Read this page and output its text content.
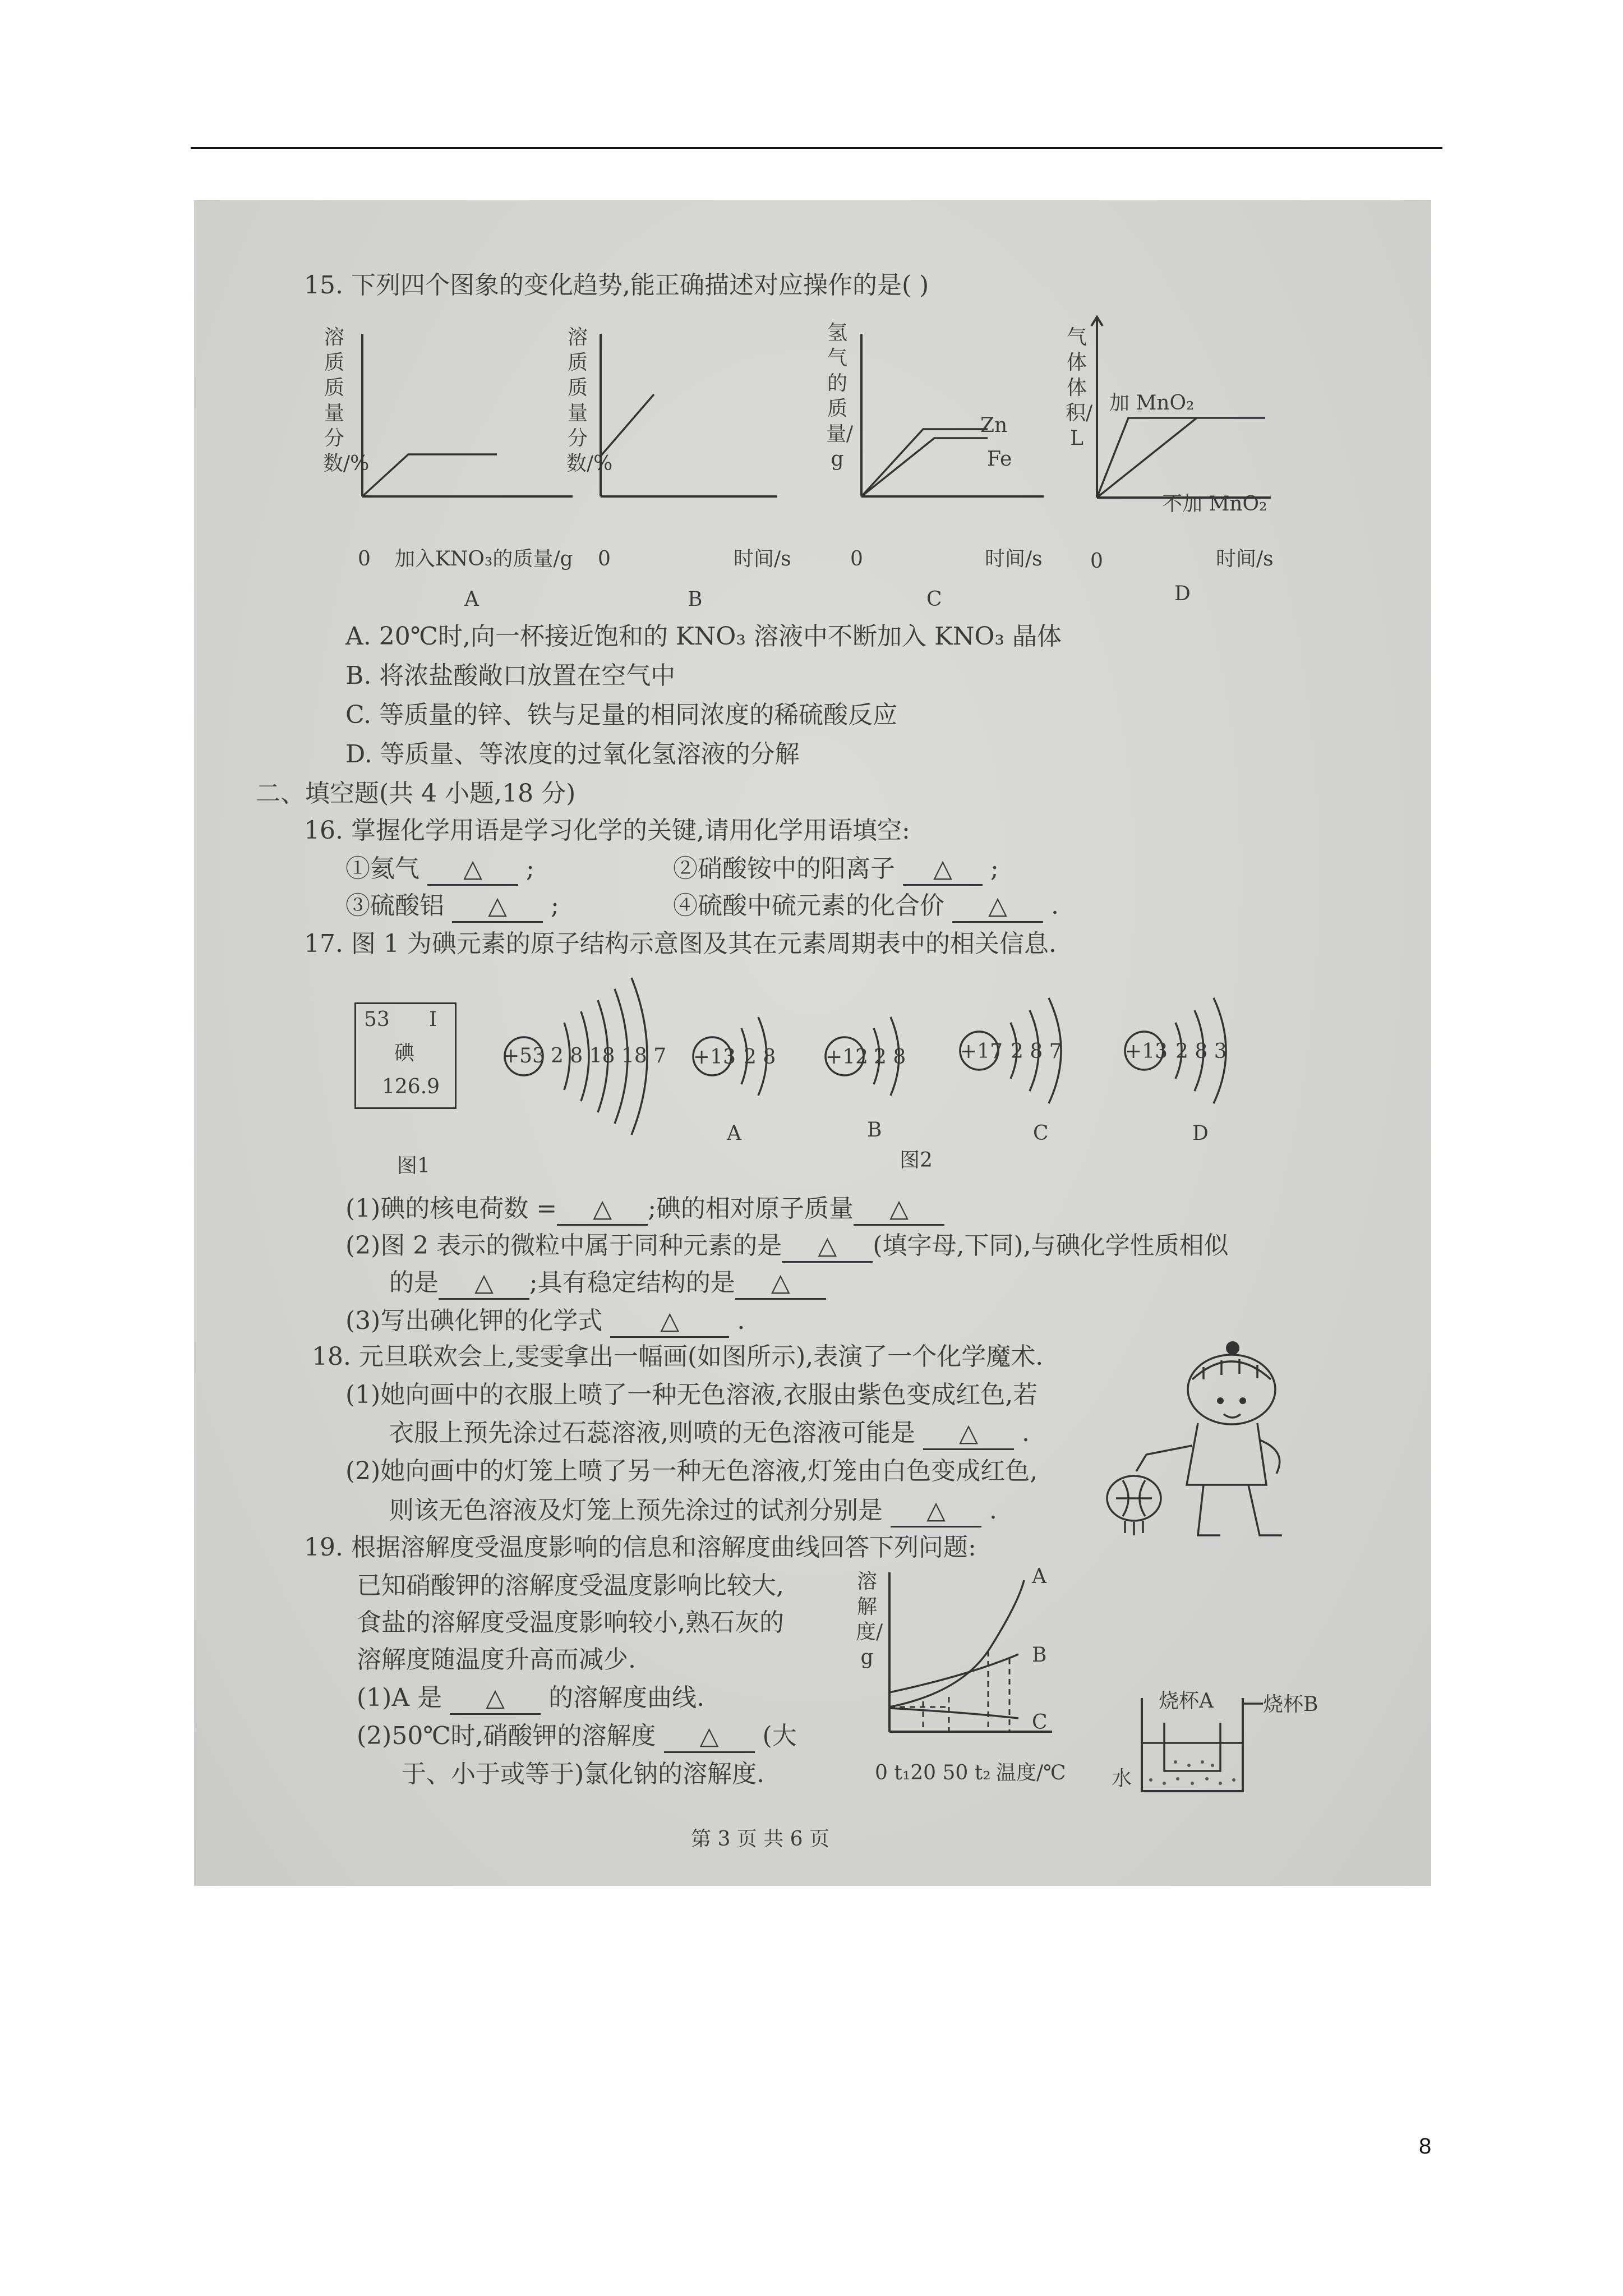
15. 下列四个图象的变化趋势,能正确描述对应操作的是( )
溶质质量分数/%
0 加入KNO₃的质量/g
A
溶质质量分数/%
0	时间/s
B
氢气的质量/g
Zn
Fe
0	时间/s
C
气体体积/L
加 MnO₂
不加 MnO₂
0	时间/s
D
A. 20℃时,向一杯接近饱和的 KNO₃ 溶液中不断加入 KNO₃ 晶体
B. 将浓盐酸敞口放置在空气中
C. 等质量的锌、铁与足量的相同浓度的稀硫酸反应
D. 等质量、等浓度的过氧化氢溶液的分解
二、填空题(共 4 小题,18 分)
16. 掌握化学用语是学习化学的关键,请用化学用语填空:
①氦气 △ ;	②硝酸铵中的阳离子 △ ;
③硫酸铝 △ ;	④硫酸中硫元素的化合价 △ .
17. 图 1 为碘元素的原子结构示意图及其在元素周期表中的相关信息.
53 I
碘
126.9
+53 2 8 18 18 7 +13 2 8
A
+12 2 8
B
+17 2 8 7
C
+13 2 8 3
D
图1	图2
(1)碘的核电荷数 = △ ;碘的相对原子质量 △
(2)图 2 表示的微粒中属于同种元素的是 △ (填字母,下同),与碘化学性质相似
的是 △ ;具有稳定结构的是 △
(3)写出碘化钾的化学式 △ .
18. 元旦联欢会上,雯雯拿出一幅画(如图所示),表演了一个化学魔术.
(1)她向画中的衣服上喷了一种无色溶液,衣服由紫色变成红色,若
衣服上预先涂过石蕊溶液,则喷的无色溶液可能是 △ .
(2)她向画中的灯笼上喷了另一种无色溶液,灯笼由白色变成红色,
则该无色溶液及灯笼上预先涂过的试剂分别是 △ .
19. 根据溶解度受温度影响的信息和溶解度曲线回答下列问题:
已知硝酸钾的溶解度受温度影响比较大,
食盐的溶解度受温度影响较小,熟石灰的
溶解度随温度升高而减少.
(1)A 是 △ 的溶解度曲线.
(2)50℃时,硝酸钾的溶解度 △ (大
于、小于或等于)氯化钠的溶解度.
溶解度/g
A
B
C
0 t₁20 50 t₂ 温度/℃
烧杯A 烧杯B
水
第 3 页 共 6 页
8
